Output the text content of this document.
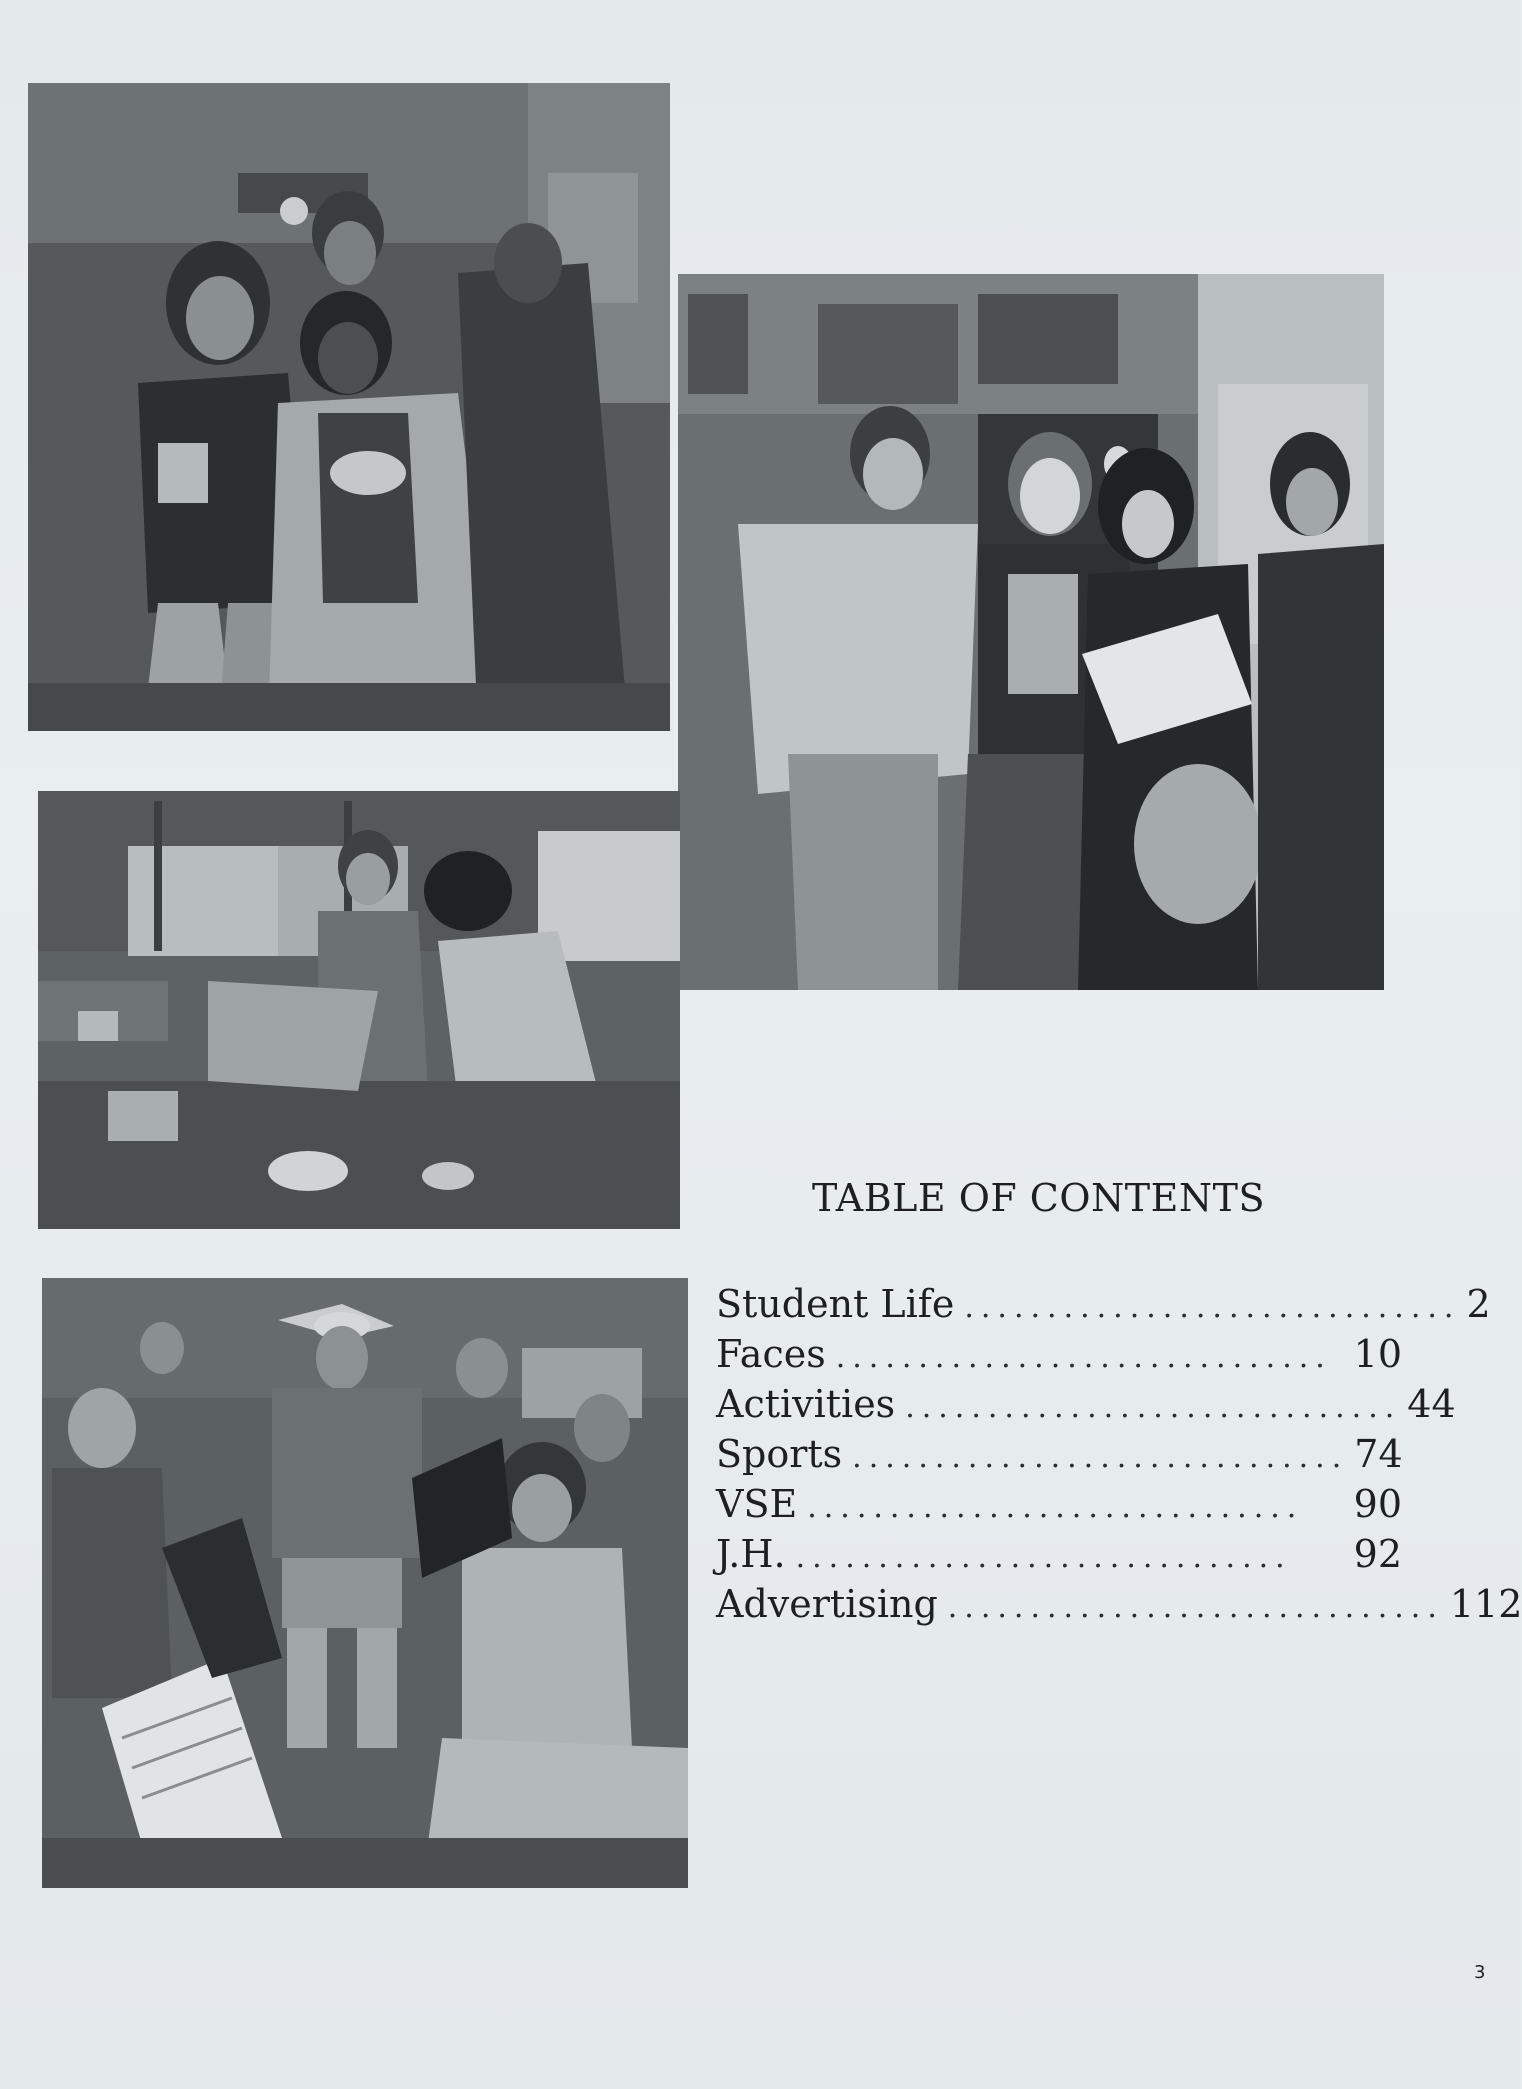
TABLE OF CONTENTS
Student Life .............................. 2
Faces .............................. 10
Activities .............................. 44
Sports .............................. 74
VSE ..............................	90
J.H. ..............................	92
Advertising .............................. 112
3
